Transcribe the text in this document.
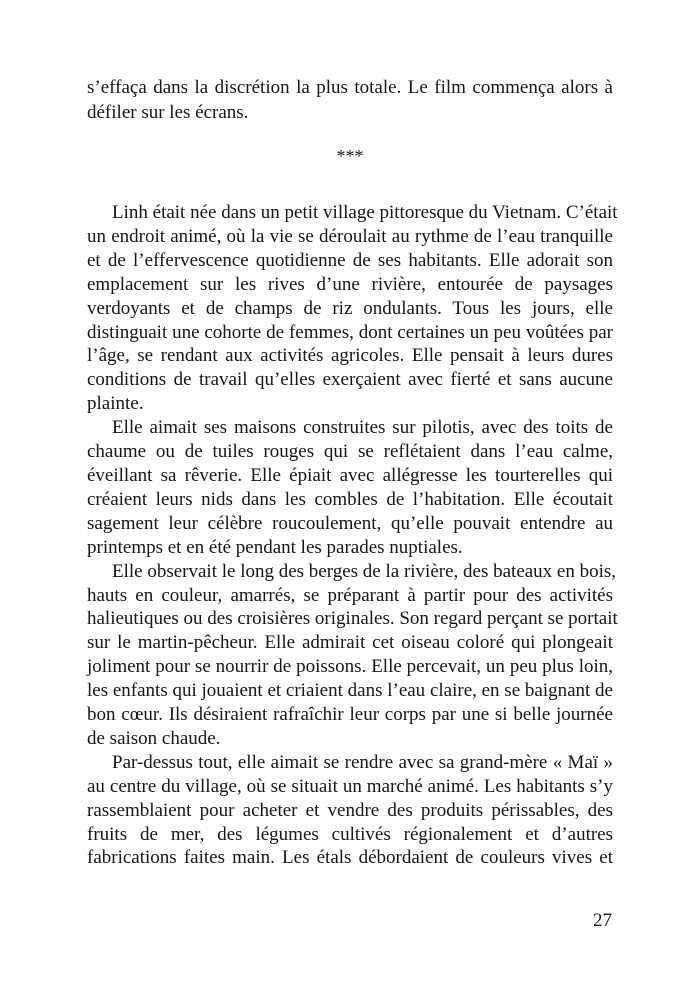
s’effaça dans la discrétion la plus totale. Le film commença alors à
défiler sur les écrans.
***
Linh était née dans un petit village pittoresque du Vietnam. C’était
un endroit animé, où la vie se déroulait au rythme de l’eau tranquille
et de l’effervescence quotidienne de ses habitants. Elle adorait son
emplacement sur les rives d’une rivière, entourée de paysages
verdoyants et de champs de riz ondulants. Tous les jours, elle
distinguait une cohorte de femmes, dont certaines un peu voûtées par
l’âge, se rendant aux activités agricoles. Elle pensait à leurs dures
conditions de travail qu’elles exerçaient avec fierté et sans aucune
plainte.
Elle aimait ses maisons construites sur pilotis, avec des toits de
chaume ou de tuiles rouges qui se reflétaient dans l’eau calme,
éveillant sa rêverie. Elle épiait avec allégresse les tourterelles qui
créaient leurs nids dans les combles de l’habitation. Elle écoutait
sagement leur célèbre roucoulement, qu’elle pouvait entendre au
printemps et en été pendant les parades nuptiales.
Elle observait le long des berges de la rivière, des bateaux en bois,
hauts en couleur, amarrés, se préparant à partir pour des activités
halieutiques ou des croisières originales. Son regard perçant se portait
sur le martin-pêcheur. Elle admirait cet oiseau coloré qui plongeait
joliment pour se nourrir de poissons. Elle percevait, un peu plus loin,
les enfants qui jouaient et criaient dans l’eau claire, en se baignant de
bon cœur. Ils désiraient rafraîchir leur corps par une si belle journée
de saison chaude.
Par-dessus tout, elle aimait se rendre avec sa grand-mère « Maï »
au centre du village, où se situait un marché animé. Les habitants s’y
rassemblaient pour acheter et vendre des produits périssables, des
fruits de mer, des légumes cultivés régionalement et d’autres
fabrications faites main. Les étals débordaient de couleurs vives et
27
